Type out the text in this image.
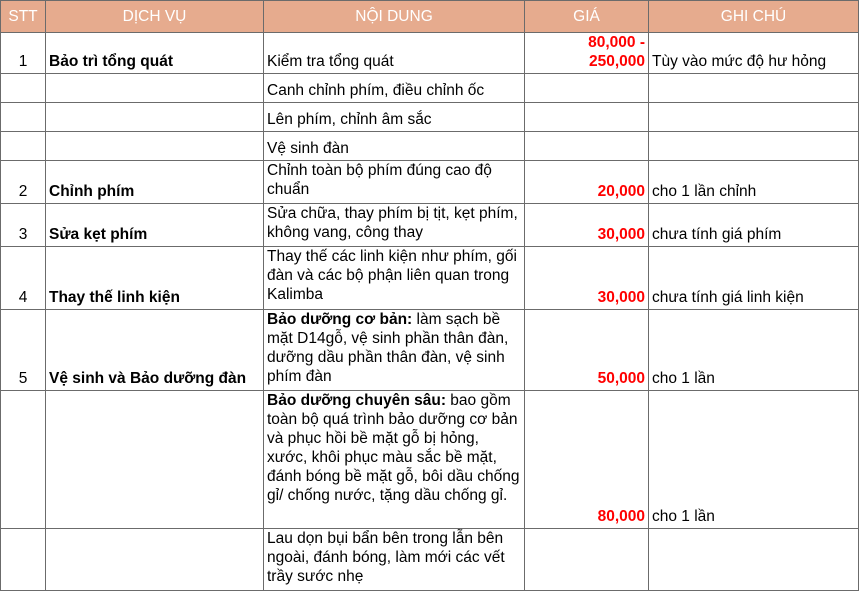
STT	DỊCH VỤ	NỘI DUNG	GIÁ	GHI CHÚ
1	Bảo trì tổng quát	Kiểm tra tổng quát	80,000 - 250,000	Tùy vào mức độ hư hỏng
		Canh chỉnh phím, điều chỉnh ốc		
		Lên phím, chỉnh âm sắc		
		Vệ sinh đàn		
2	Chỉnh phím	Chỉnh toàn bộ phím đúng cao độ chuẩn	20,000	cho 1 lần chỉnh
3	Sửa kẹt phím	Sửa chữa, thay phím bị tịt, kẹt phím, không vang, công thay	30,000	chưa tính giá phím
4	Thay thế linh kiện	Thay thế các linh kiện như phím, gối đàn và các bộ phận liên quan trong Kalimba	30,000	chưa tính giá linh kiện
5	Vệ sinh và Bảo dưỡng đàn	Bảo dưỡng cơ bản: làm sạch bề mặt D14gỗ, vệ sinh phần thân đàn, dưỡng dầu phần thân đàn, vệ sinh phím đàn	50,000	cho 1 lần
		Bảo dưỡng chuyên sâu: bao gồm toàn bộ quá trình bảo dưỡng cơ bản và phục hồi bề mặt gỗ bị hỏng, xước, khôi phục màu sắc bề mặt, đánh bóng bề mặt gỗ, bôi dầu chống gỉ/ chống nước, tặng dầu chống gỉ.	80,000	cho 1 lần
		Lau dọn bụi bẩn bên trong lẫn bên ngoài, đánh bóng, làm mới các vết trầy sước nhẹ		
